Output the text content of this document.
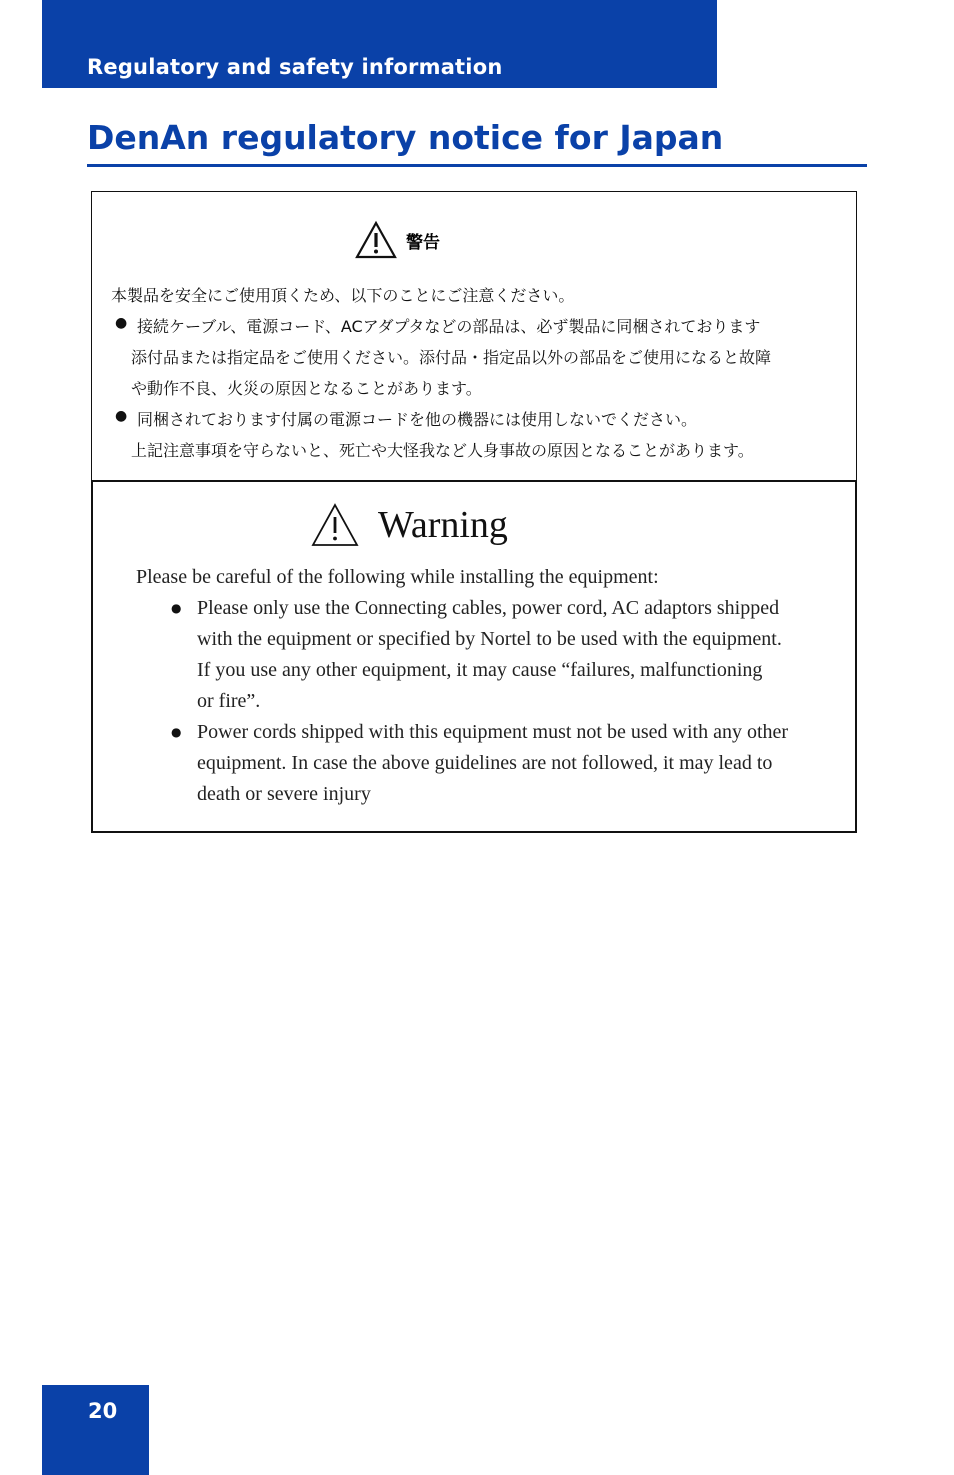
Regulatory and safety information
DenAn regulatory notice for Japan
警告
本製品を安全にご使用頂くため、以下のことにご注意ください。
● 接続ケーブル、電源コード、ACアダプタなどの部品は、必ず製品に同梱されております
添付品または指定品をご使用ください。添付品・指定品以外の部品をご使用になると故障
や動作不良、火災の原因となることがあります。
● 同梱されております付属の電源コードを他の機器には使用しないでください。
上記注意事項を守らないと、死亡や大怪我など人身事故の原因となることがあります。
Warning
Please be careful of the following while installing the equipment:
● Please only use the Connecting cables, power cord, AC adaptors shipped
with the equipment or specified by Nortel to be used with the equipment.
If you use any other equipment, it may cause “failures, malfunctioning
or fire”.
● Power cords shipped with this equipment must not be used with any other
equipment. In case the above guidelines are not followed, it may lead to
death or severe injury
20
